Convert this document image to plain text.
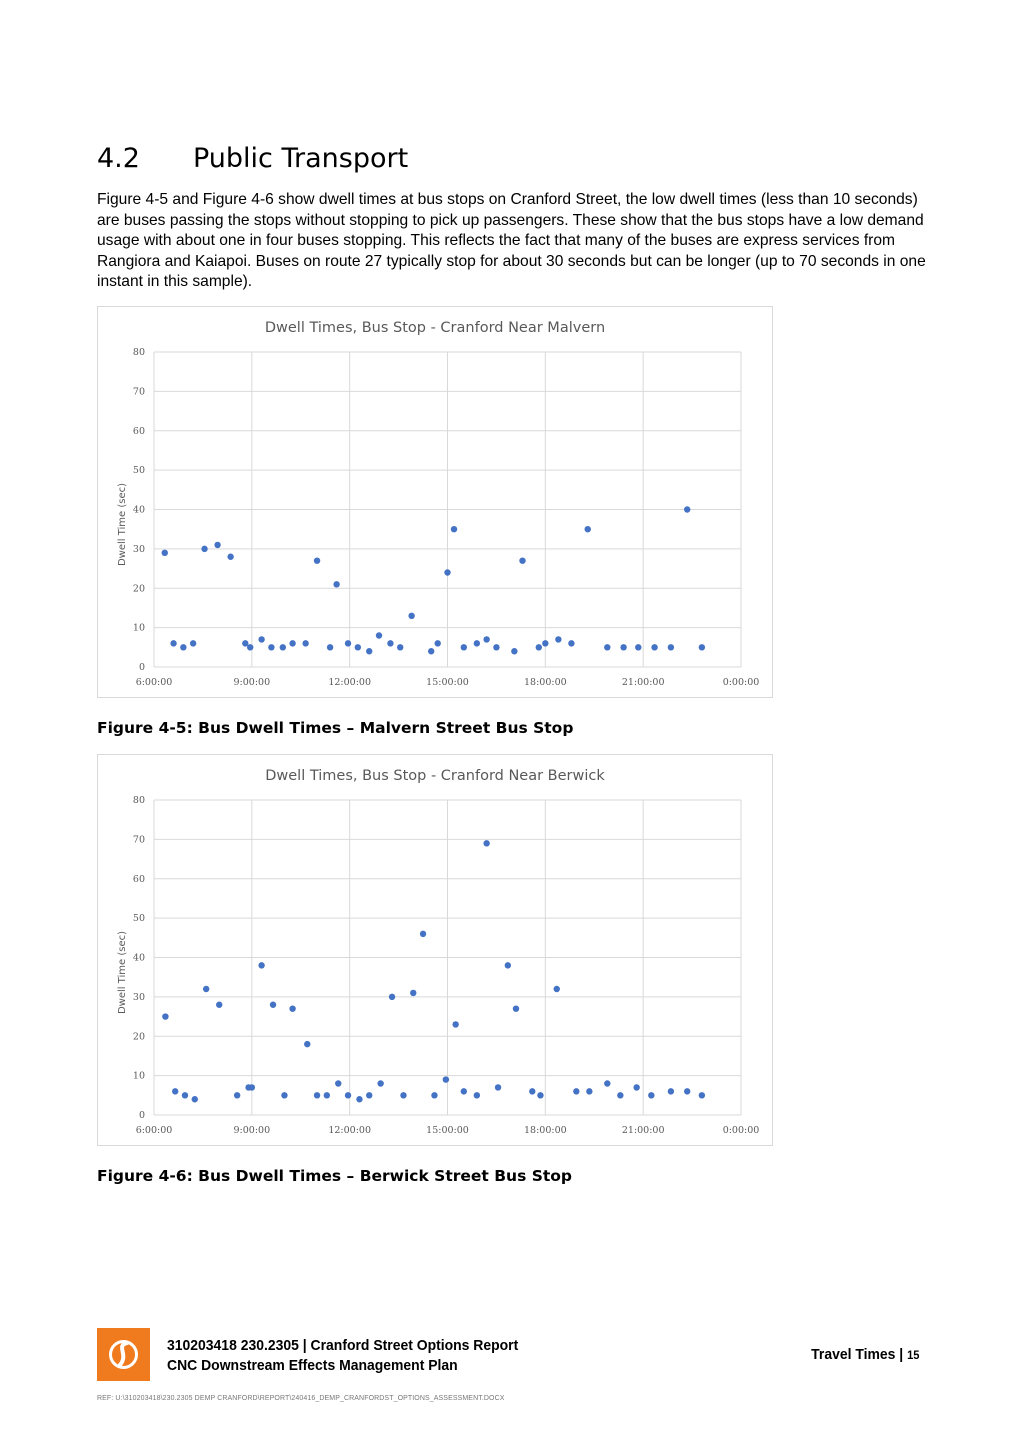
4.2 Public Transport

Figure 4-5 and Figure 4-6 show dwell times at bus stops on Cranford Street, the low dwell times (less than 10 seconds) are buses passing the stops without stopping to pick up passengers. These show that the bus stops have a low demand usage with about one in four buses stopping. This reflects the fact that many of the buses are express services from Rangiora and Kaiapoi. Buses on route 27 typically stop for about 30 seconds but can be longer (up to 70 seconds in one instant in this sample).

Dwell Times, Bus Stop - Cranford Near Malvern
0
10
20
30
40
50
60
70
80
6:00:00	9:00:00	12:00:00	15:00:00	18:00:00	21:00:00	0:00:00
Dwell Time (sec)

Figure 4-5: Bus Dwell Times – Malvern Street Bus Stop

Dwell Times, Bus Stop - Cranford Near Berwick
0
10
20
30
40
50
60
70
80
6:00:00	9:00:00	12:00:00	15:00:00	18:00:00	21:00:00	0:00:00
Dwell Time (sec)

Figure 4-6: Bus Dwell Times – Berwick Street Bus Stop

310203418 230.2305 | Cranford Street Options Report
CNC Downstream Effects Management Plan
Travel Times | 15
REF: U:\310203418\230.2305 DEMP CRANFORD\REPORT\240416_DEMP_CRANFORDST_OPTIONS_ASSESSMENT.DOCX
